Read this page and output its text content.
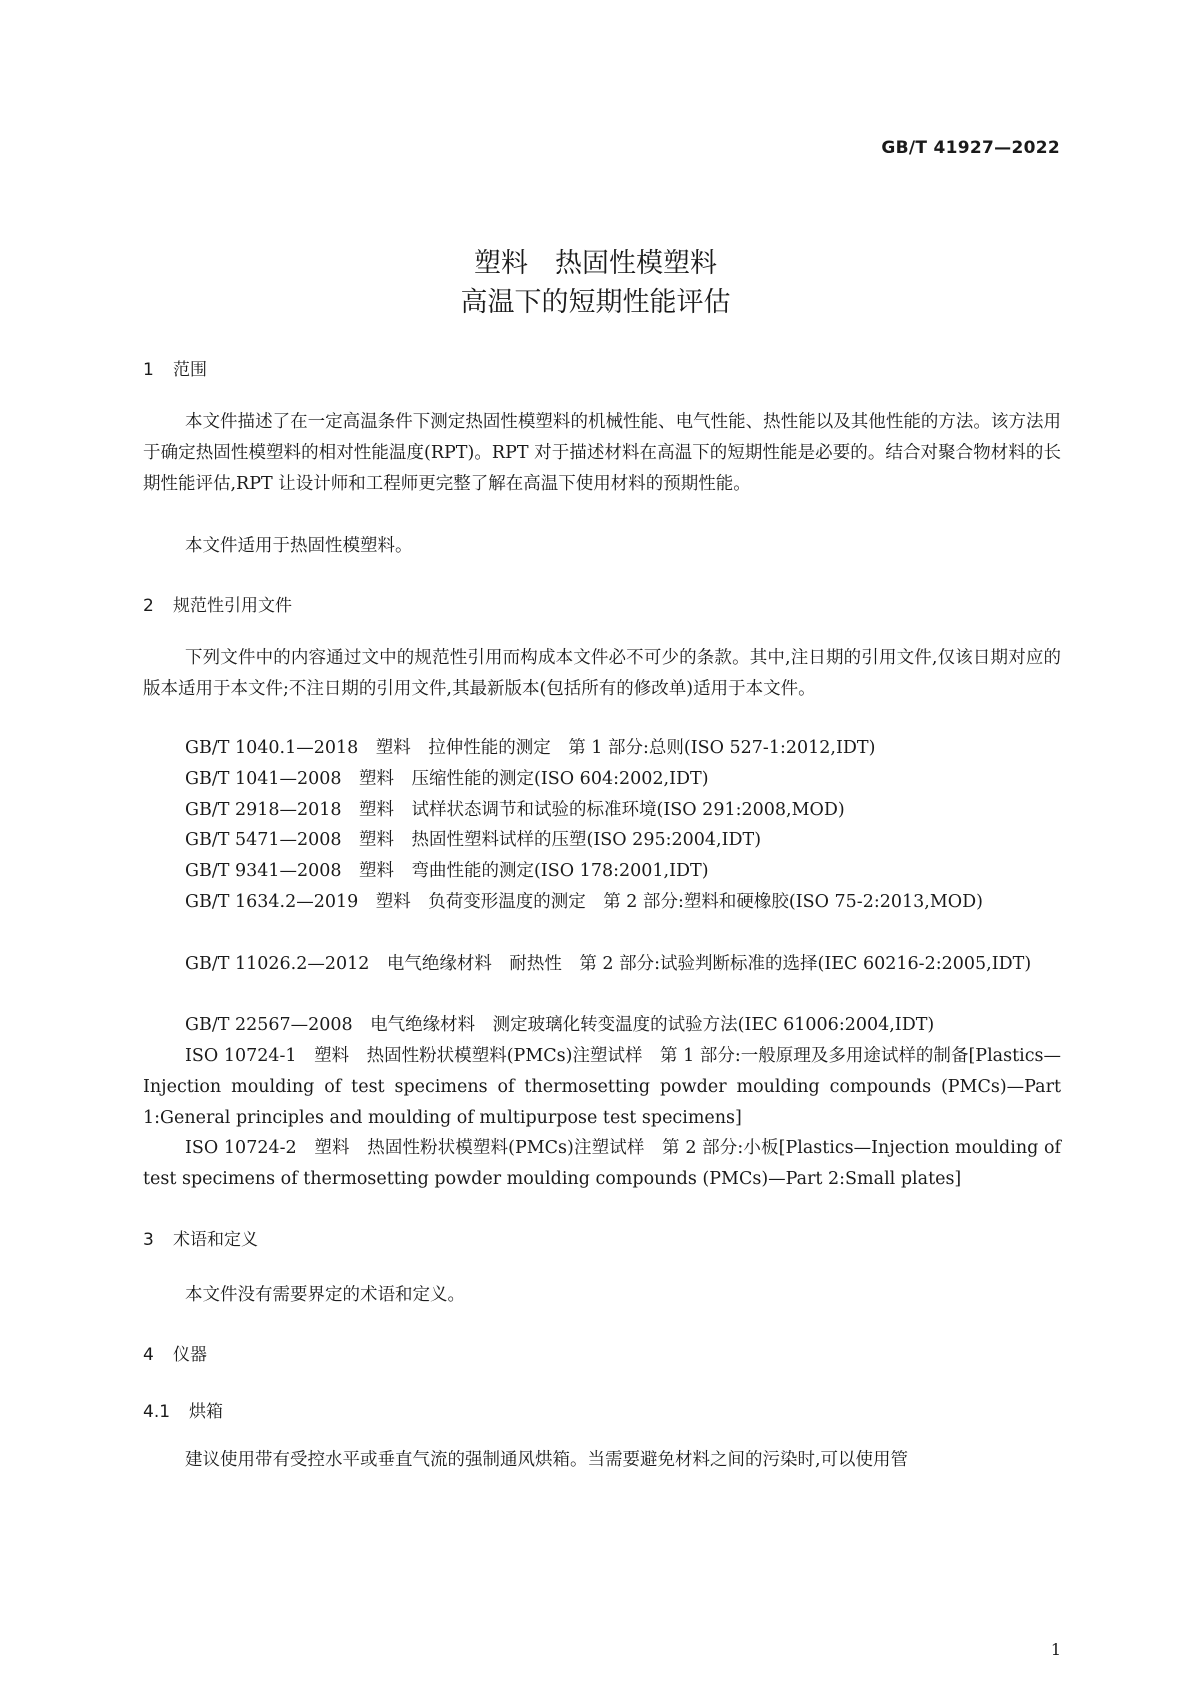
GB/T 41927—2022
塑料　热固性模塑料
高温下的短期性能评估
1 范围

本文件描述了在一定高温条件下测定热固性模塑料的机械性能、电气性能、热性能以及其他性能的方法。该方法用于确定热固性模塑料的相对性能温度(RPT)。RPT 对于描述材料在高温下的短期性能是必要的。结合对聚合物材料的长期性能评估,RPT 让设计师和工程师更完整了解在高温下使用材料的预期性能。

本文件适用于热固性模塑料。

2 规范性引用文件

下列文件中的内容通过文中的规范性引用而构成本文件必不可少的条款。其中,注日期的引用文件,仅该日期对应的版本适用于本文件;不注日期的引用文件,其最新版本(包括所有的修改单)适用于本文件。

GB/T 1040.1—2018　塑料　拉伸性能的测定　第 1 部分:总则(ISO 527-1:2012,IDT)

GB/T 1041—2008　塑料　压缩性能的测定(ISO 604:2002,IDT)

GB/T 2918—2018　塑料　试样状态调节和试验的标准环境(ISO 291:2008,MOD)

GB/T 5471—2008　塑料　热固性塑料试样的压塑(ISO 295:2004,IDT)

GB/T 9341—2008　塑料　弯曲性能的测定(ISO 178:2001,IDT)

GB/T 1634.2—2019　塑料　负荷变形温度的测定　第 2 部分:塑料和硬橡胶(ISO 75-2:2013,MOD)

GB/T 11026.2—2012　电气绝缘材料　耐热性　第 2 部分:试验判断标准的选择(IEC 60216-2:2005,IDT)

GB/T 22567—2008　电气绝缘材料　测定玻璃化转变温度的试验方法(IEC 61006:2004,IDT)

ISO 10724-1　塑料　热固性粉状模塑料(PMCs)注塑试样　第 1 部分:一般原理及多用途试样的制备[Plastics—Injection moulding of test specimens of thermosetting powder moulding compounds (PMCs)—Part 1:General principles and moulding of multipurpose test specimens]

ISO 10724-2　塑料　热固性粉状模塑料(PMCs)注塑试样　第 2 部分:小板[Plastics—Injection moulding of test specimens of thermosetting powder moulding compounds (PMCs)—Part 2:Small plates]

3 术语和定义

本文件没有需要界定的术语和定义。

4 仪器
4.1 烘箱

建议使用带有受控水平或垂直气流的强制通风烘箱。当需要避免材料之间的污染时,可以使用管

1
